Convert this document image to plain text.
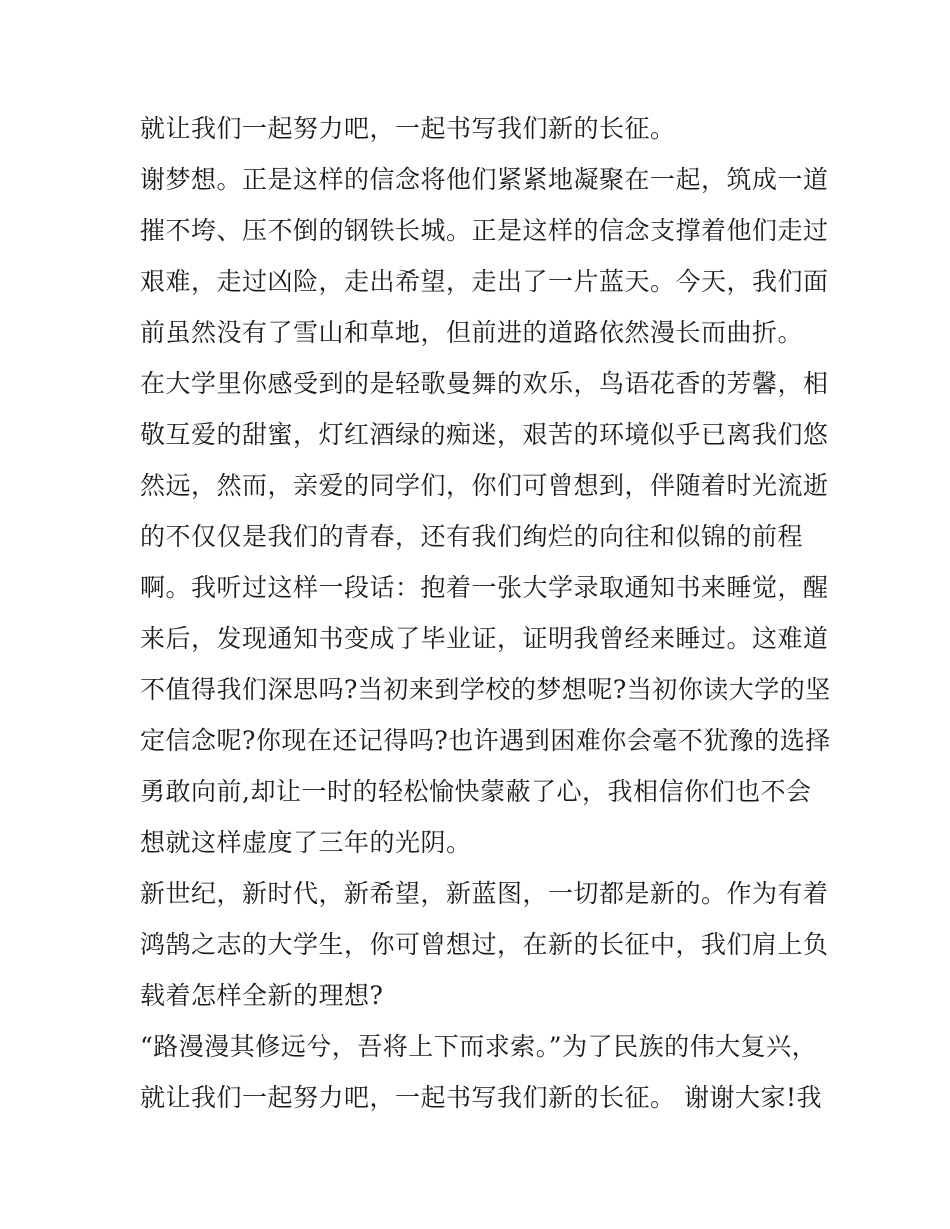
就让我们一起努力吧，一起书写我们新的长征。
谢梦想。正是这样的信念将他们紧紧地凝聚在一起，筑成一道
摧不垮、压不倒的钢铁长城。正是这样的信念支撑着他们走过
艰难，走过凶险，走出希望，走出了一片蓝天。今天，我们面
前虽然没有了雪山和草地，但前进的道路依然漫长而曲折。
在大学里你感受到的是轻歌曼舞的欢乐，鸟语花香的芳馨，相
敬互爱的甜蜜，灯红酒绿的痴迷，艰苦的环境似乎已离我们悠
然远，然而，亲爱的同学们，你们可曾想到，伴随着时光流逝
的不仅仅是我们的青春，还有我们绚烂的向往和似锦的前程
啊。我听过这样一段话：抱着一张大学录取通知书来睡觉，醒
来后，发现通知书变成了毕业证，证明我曾经来睡过。这难道
不值得我们深思吗?当初来到学校的梦想呢?当初你读大学的坚
定信念呢?你现在还记得吗?也许遇到困难你会毫不犹豫的选择
勇敢向前,却让一时的轻松愉快蒙蔽了心，我相信你们也不会
想就这样虚度了三年的光阴。
新世纪，新时代，新希望，新蓝图，一切都是新的。作为有着
鸿鹄之志的大学生，你可曾想过，在新的长征中，我们肩上负
载着怎样全新的理想?
“路漫漫其修远兮，吾将上下而求索。”为了民族的伟大复兴，
就让我们一起努力吧，一起书写我们新的长征。 谢谢大家!我
